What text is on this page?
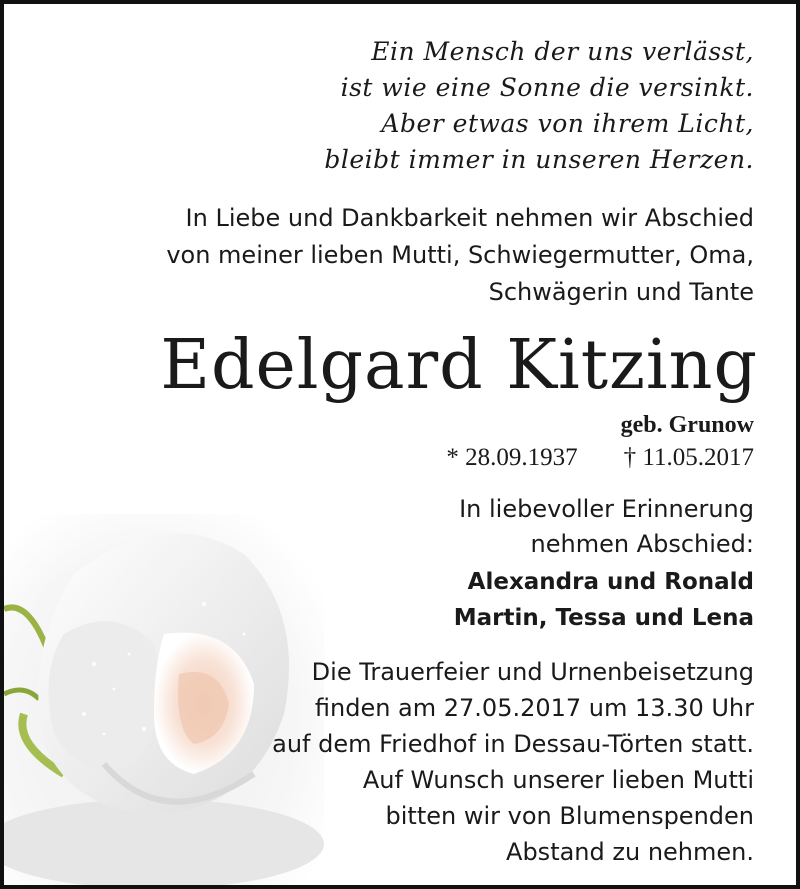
Ein Mensch der uns verlässt,
ist wie eine Sonne die versinkt.
Aber etwas von ihrem Licht,
bleibt immer in unseren Herzen.
In Liebe und Dankbarkeit nehmen wir Abschied
von meiner lieben Mutti, Schwiegermutter, Oma,
Schwägerin und Tante
Edelgard Kitzing
geb. Grunow
* 28.09.1937 † 11.05.2017
In liebevoller Erinnerung
nehmen Abschied:
Alexandra und Ronald
Martin, Tessa und Lena
Die Trauerfeier und Urnenbeisetzung
finden am 27.05.2017 um 13.30 Uhr
auf dem Friedhof in Dessau-Törten statt.
Auf Wunsch unserer lieben Mutti
bitten wir von Blumenspenden
Abstand zu nehmen.
